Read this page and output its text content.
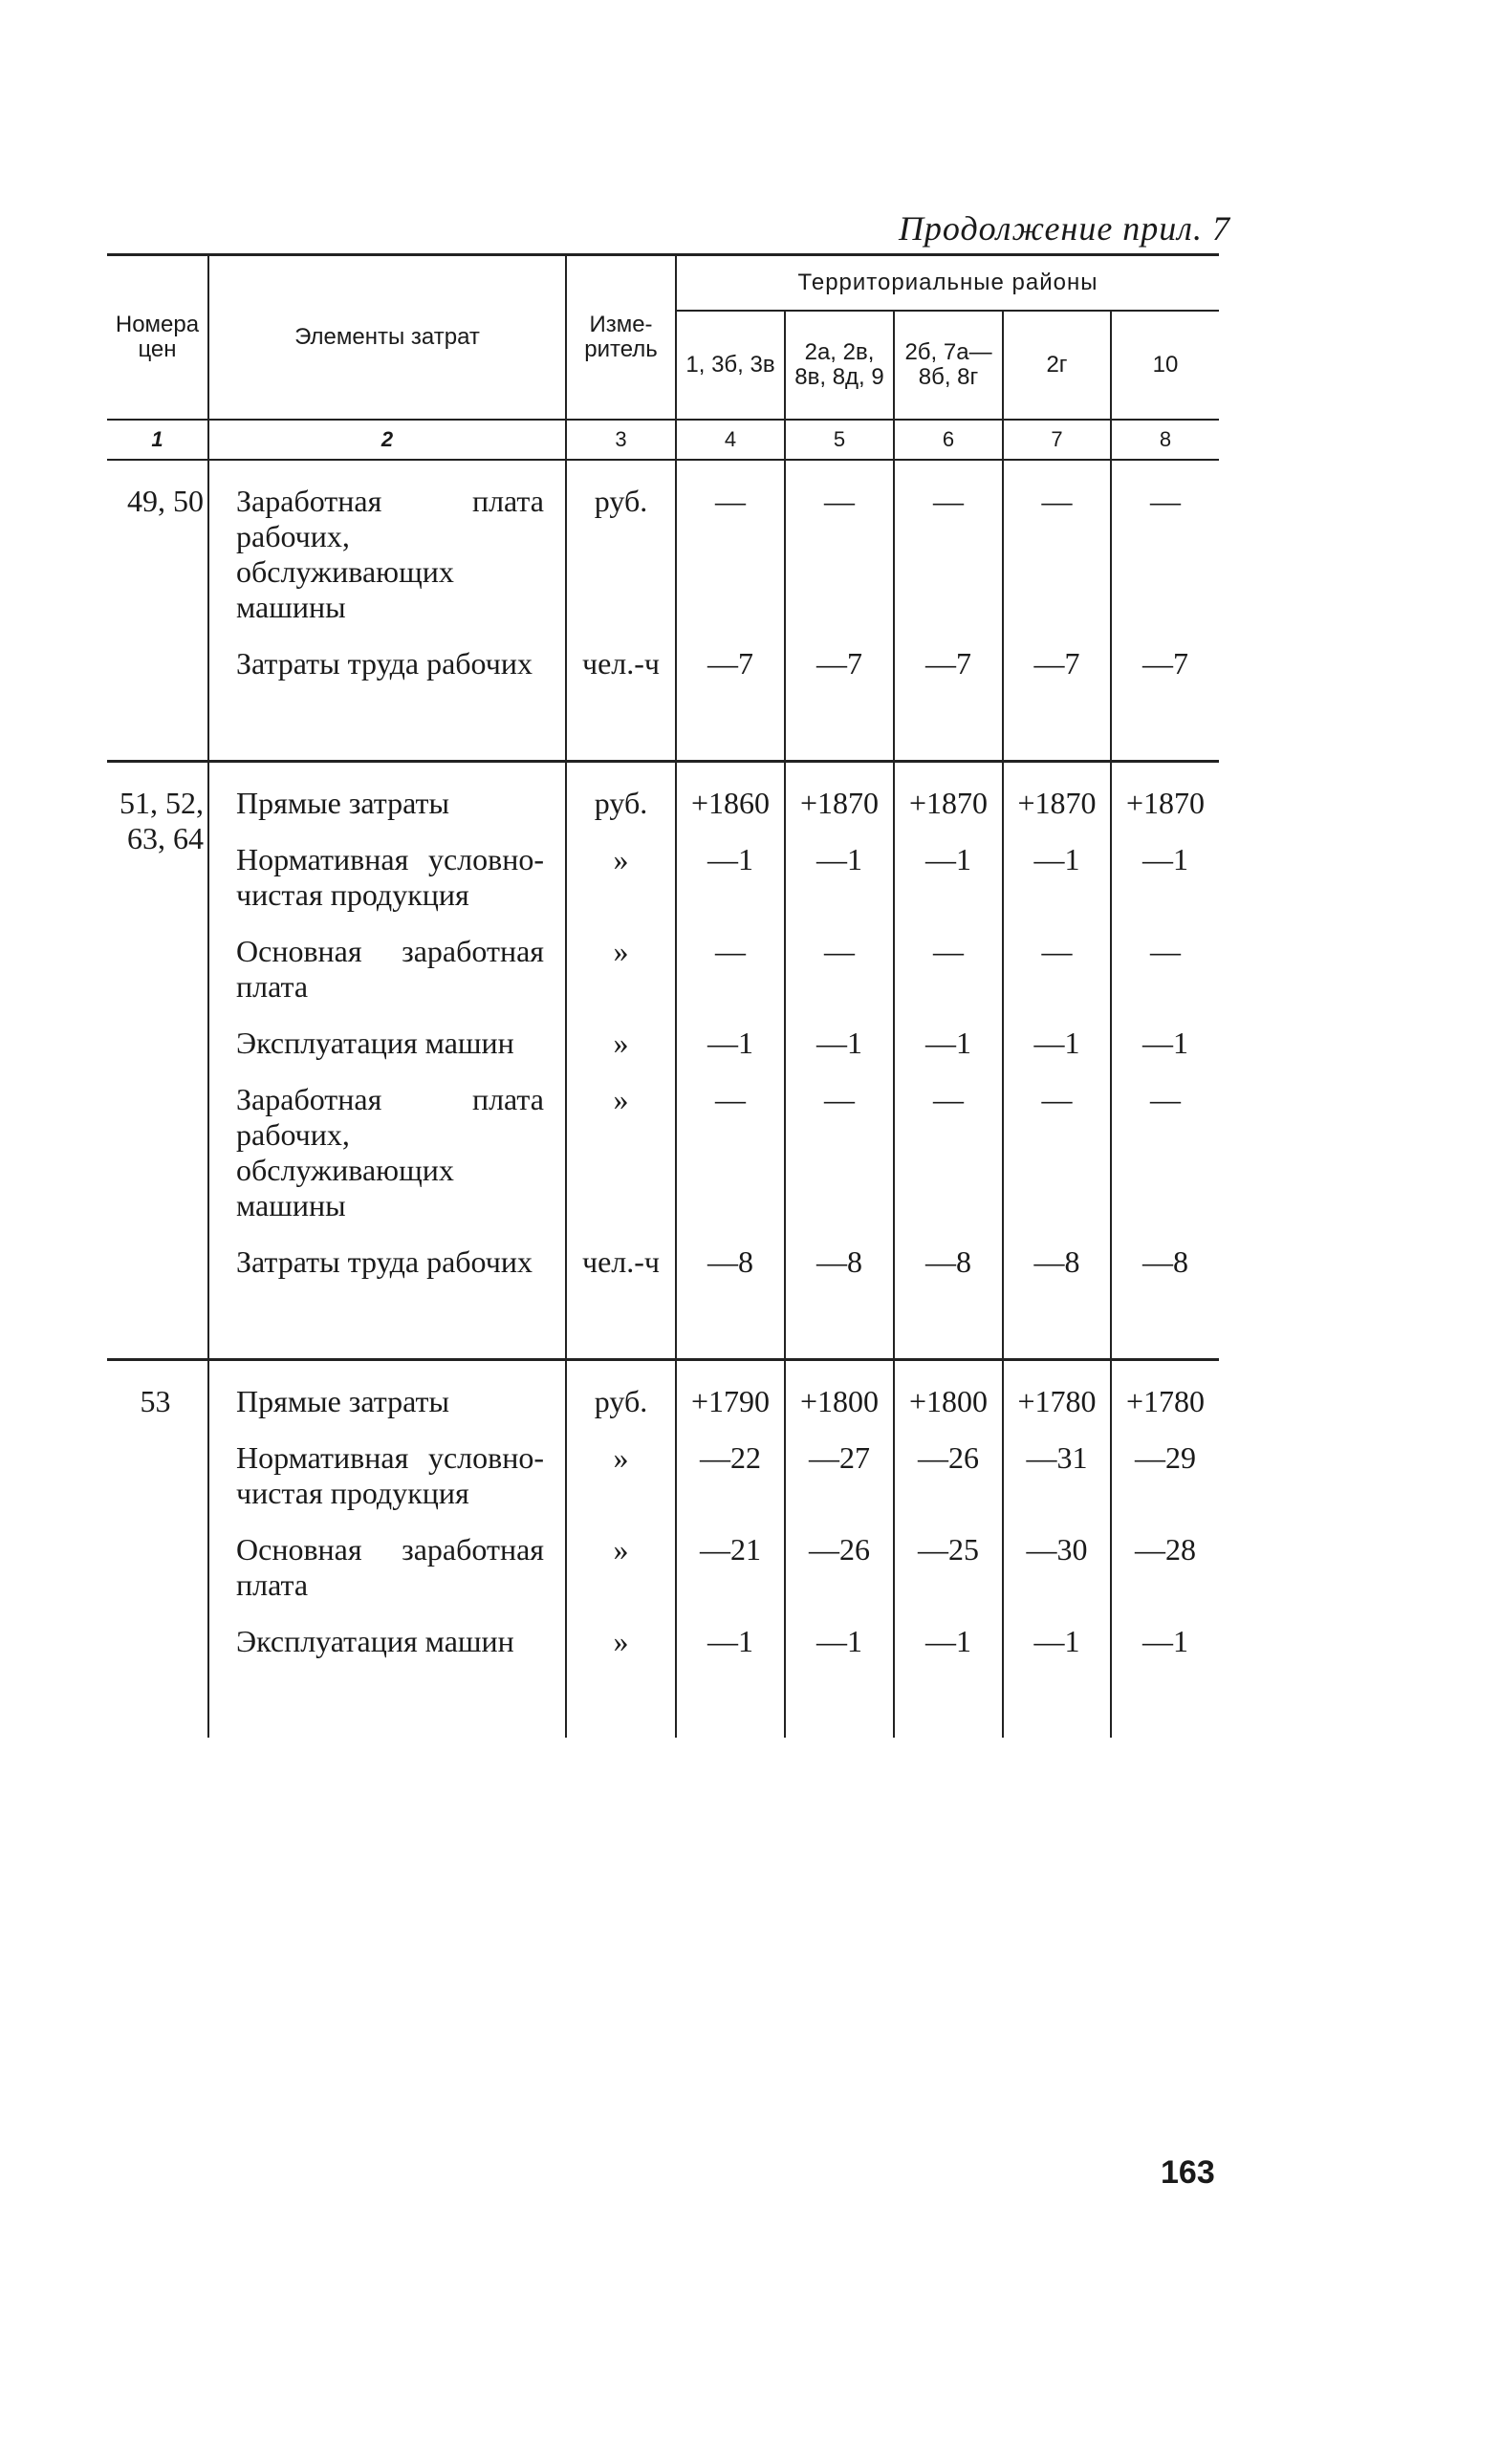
Продолжение прил. 7
Номера цен	Элементы затрат	Изме-ритель	Территориальные районы				
			1, 3б, 3в	2а, 2в, 8в, 8д, 9	2б, 7а—8б, 8г	2г	10
1	2	3	4	5	6	7	8

49, 50	Заработная плата рабочих, обслуживающих машины	руб.	—	—	—	—	—
	Затраты труда рабочих	чел.-ч	—7	—7	—7	—7	—7

51, 52, 63, 64	Прямые затраты	руб.	+1860	+1870	+1870	+1870	+1870
	Нормативная условно-чистая продукция	»	—1	—1	—1	—1	—1
	Основная заработная плата	»	—	—	—	—	—
	Эксплуатация машин	»	—1	—1	—1	—1	—1
	Заработная плата рабочих, обслуживающих машины	»	—	—	—	—	—
	Затраты труда рабочих	чел.-ч	—8	—8	—8	—8	—8

53	Прямые затраты	руб.	+1790	+1800	+1800	+1780	+1780
	Нормативная условно-чистая продукция	»	—22	—27	—26	—31	—29
	Основная заработная плата	»	—21	—26	—25	—30	—28
	Эксплуатация машин	»	—1	—1	—1	—1	—1

163
